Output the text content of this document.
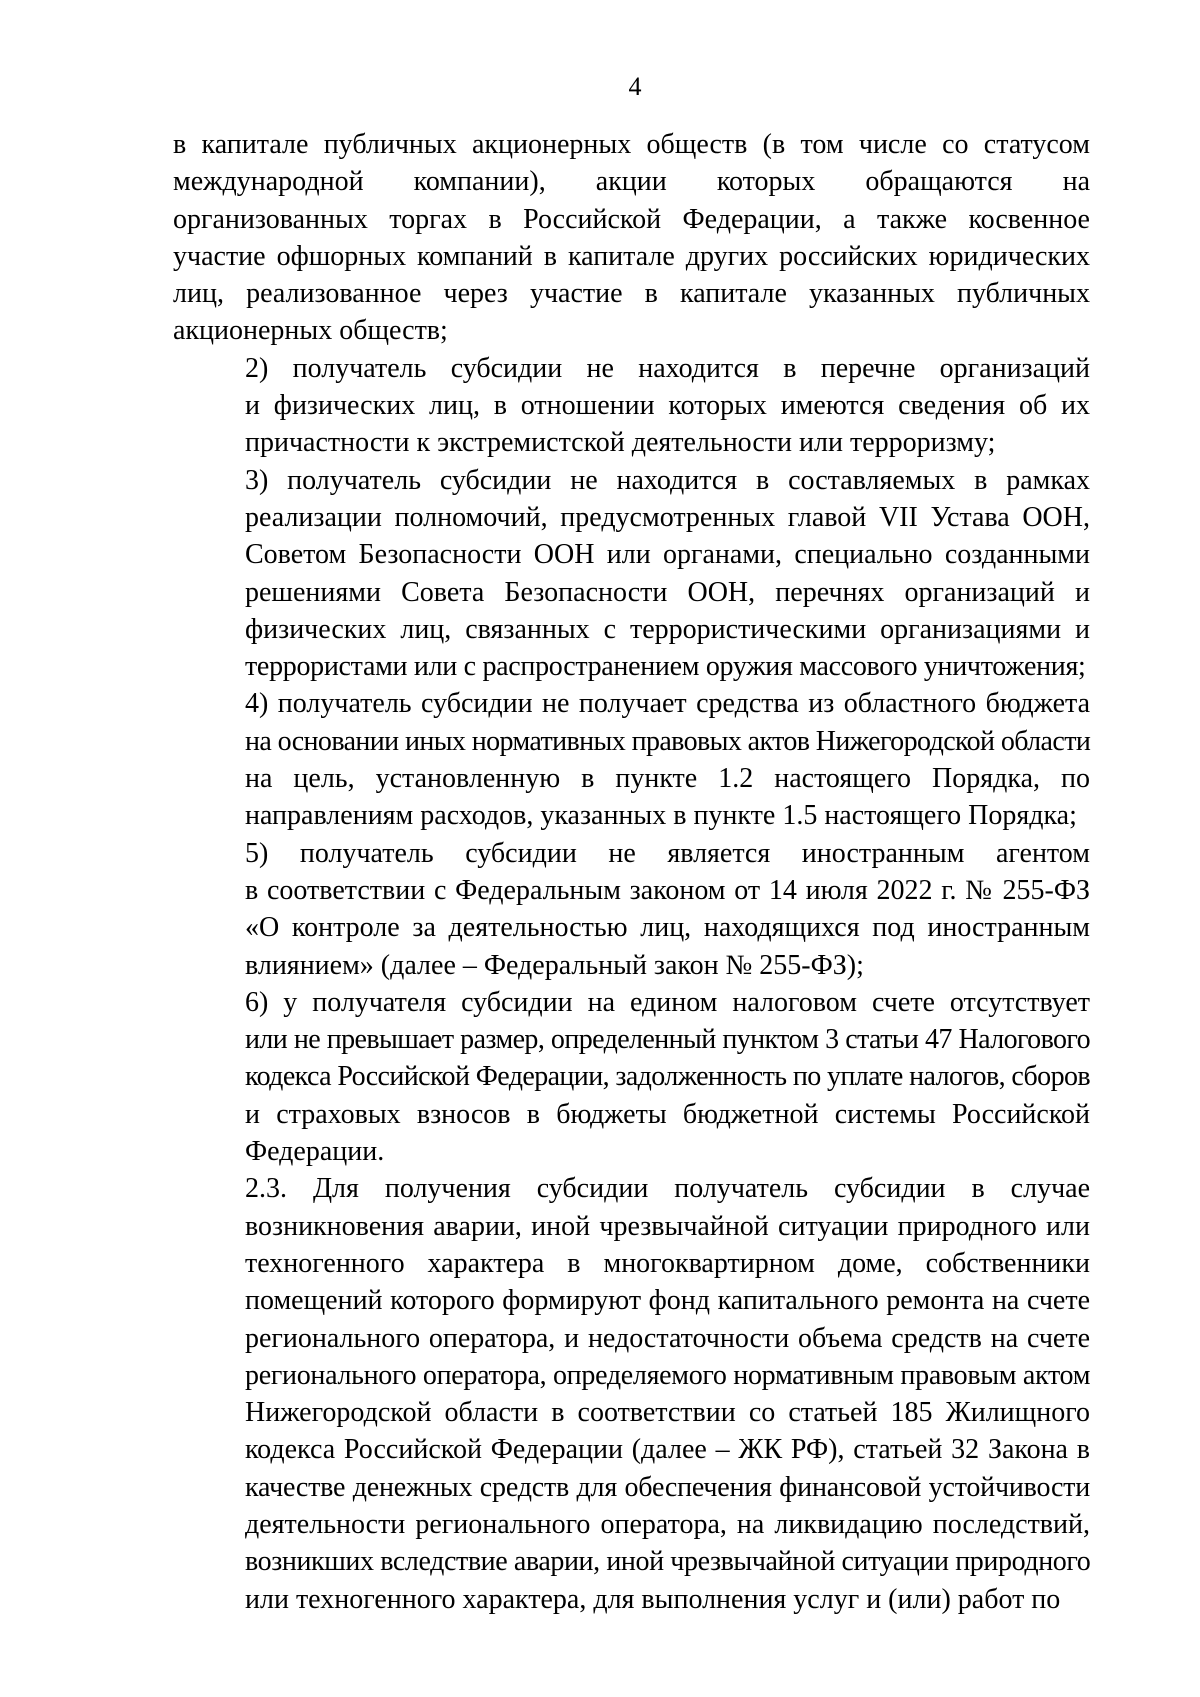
4
в капитале публичных акционерных обществ (в том числе со статусом
международной компании), акции которых обращаются на
организованных торгах в Российской Федерации, а также косвенное
участие офшорных компаний в капитале других российских юридических
лиц, реализованное через участие в капитале указанных публичных
акционерных обществ;
2) получатель субсидии не находится в перечне организаций
и физических лиц, в отношении которых имеются сведения об их
причастности к экстремистской деятельности или терроризму;
3) получатель субсидии не находится в составляемых в рамках
реализации полномочий, предусмотренных главой VII Устава ООН,
Советом Безопасности ООН или органами, специально созданными
решениями Совета Безопасности ООН, перечнях организаций и
физических лиц, связанных с террористическими организациями и
террористами или с распространением оружия массового уничтожения;
4) получатель субсидии не получает средства из областного бюджета
на основании иных нормативных правовых актов Нижегородской области
на цель, установленную в пункте 1.2 настоящего Порядка, по
направлениям расходов, указанных в пункте 1.5 настоящего Порядка;
5) получатель субсидии не является иностранным агентом
в соответствии с Федеральным законом от 14 июля 2022 г. № 255-ФЗ
«О контроле за деятельностью лиц, находящихся под иностранным
влиянием» (далее – Федеральный закон № 255-ФЗ);
6) у получателя субсидии на едином налоговом счете отсутствует
или не превышает размер, определенный пунктом 3 статьи 47 Налогового
кодекса Российской Федерации, задолженность по уплате налогов, сборов
и страховых взносов в бюджеты бюджетной системы Российской
Федерации.
2.3. Для получения субсидии получатель субсидии в случае
возникновения аварии, иной чрезвычайной ситуации природного или
техногенного характера в многоквартирном доме, собственники
помещений которого формируют фонд капитального ремонта на счете
регионального оператора, и недостаточности объема средств на счете
регионального оператора, определяемого нормативным правовым актом
Нижегородской области в соответствии со статьей 185 Жилищного
кодекса Российской Федерации (далее – ЖК РФ), статьей 32 Закона в
качестве денежных средств для обеспечения финансовой устойчивости
деятельности регионального оператора, на ликвидацию последствий,
возникших вследствие аварии, иной чрезвычайной ситуации природного
или техногенного характера, для выполнения услуг и (или) работ по
